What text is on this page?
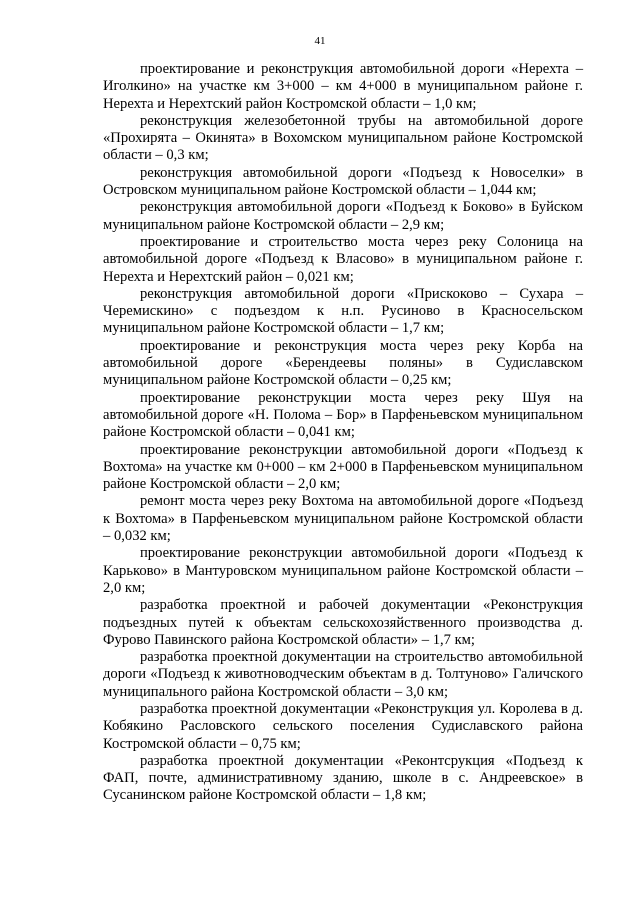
41

проектирование и реконструкция автомобильной дороги «Нерехта – Иголкино» на участке км 3+000 – км 4+000 в муниципальном районе г. Нерехта и Нерехтский район Костромской области – 1,0 км;

реконструкция железобетонной трубы на автомобильной дороге «Прохирята – Окинята» в Вохомском муниципальном районе Костромской области – 0,3 км;

реконструкция автомобильной дороги «Подъезд к Новоселки» в Островском муниципальном районе Костромской области – 1,044 км;

реконструкция автомобильной дороги «Подъезд к Боково» в Буйском муниципальном районе Костромской области – 2,9 км;

проектирование и строительство моста через реку Солоница на автомобильной дороге «Подъезд к Власово» в муниципальном районе г. Нерехта и Нерехтский район – 0,021 км;

реконструкция автомобильной дороги «Прискоково – Сухара – Черемискино» с подъездом к н.п. Русиново в Красносельском муниципальном районе Костромской области – 1,7 км;

проектирование и реконструкция моста через реку Корба на автомобильной дороге «Берендеевы поляны» в Судиславском муниципальном районе Костромской области – 0,25 км;

проектирование реконструкции моста через реку Шуя на автомобильной дороге «Н. Полома – Бор» в Парфеньевском муниципальном районе Костромской области – 0,041 км;

проектирование реконструкции автомобильной дороги «Подъезд к Вохтома» на участке км 0+000 – км 2+000 в Парфеньевском муниципальном районе Костромской области – 2,0 км;

ремонт моста через реку Вохтома на автомобильной дороге «Подъезд к Вохтома» в Парфеньевском муниципальном районе Костромской области – 0,032 км;

проектирование реконструкции автомобильной дороги «Подъезд к Карьково» в Мантуровском муниципальном районе Костромской области – 2,0 км;

разработка проектной и рабочей документации «Реконструкция подъездных путей к объектам сельскохозяйственного производства д. Фурово Павинского района Костромской области» – 1,7 км;

разработка проектной документации на строительство автомобильной дороги «Подъезд к животноводческим объектам в д. Толтуново» Галичского муниципального района Костромской области – 3,0 км;

разработка проектной документации «Реконструкция ул. Королева в д. Кобякино Расловского сельского поселения Судиславского района Костромской области – 0,75 км;

разработка проектной документации «Реконтсрукция «Подъезд к ФАП, почте, административному зданию, школе в с. Андреевское» в Сусанинском районе Костромской области – 1,8 км;
